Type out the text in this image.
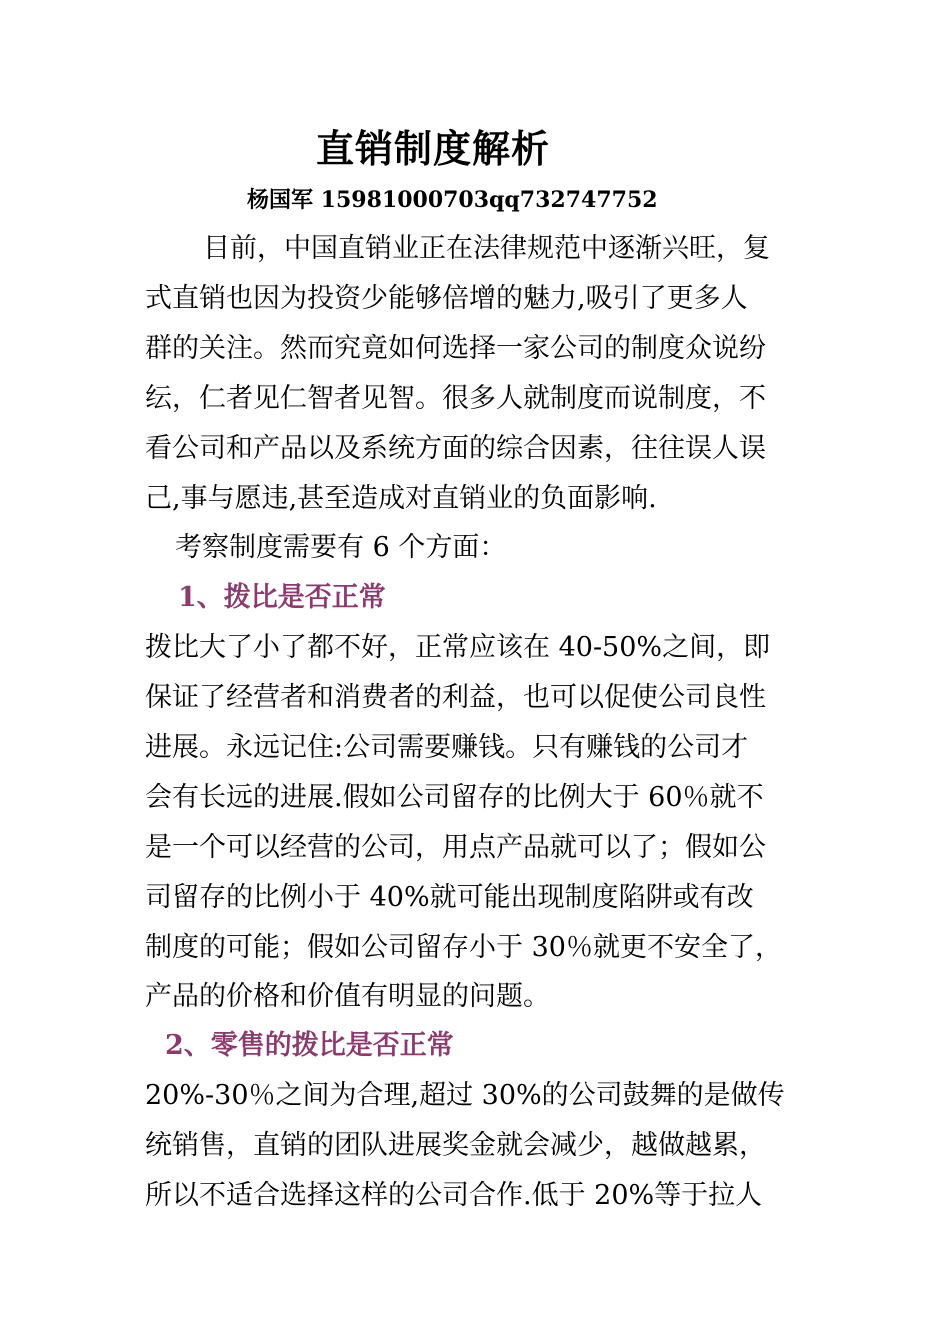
直销制度解析
杨国军 15981000703qq732747752
目前，中国直销业正在法律规范中逐渐兴旺，复
式直销也因为投资少能够倍增的魅力,吸引了更多人
群的关注。然而究竟如何选择一家公司的制度众说纷
纭，仁者见仁智者见智。很多人就制度而说制度，不
看公司和产品以及系统方面的综合因素，往往误人误
己,事与愿违,甚至造成对直销业的负面影响.
考察制度需要有 6 个方面：
1、拨比是否正常
拨比大了小了都不好，正常应该在 40-50%之间，即
保证了经营者和消费者的利益，也可以促使公司良性
进展。永远记住:公司需要赚钱。只有赚钱的公司才
会有长远的进展.假如公司留存的比例大于 60％就不
是一个可以经营的公司，用点产品就可以了；假如公
司留存的比例小于 40%就可能出现制度陷阱或有改
制度的可能；假如公司留存小于 30％就更不安全了，
产品的价格和价值有明显的问题。
2、零售的拨比是否正常
20%-30％之间为合理,超过 30%的公司鼓舞的是做传
统销售，直销的团队进展奖金就会减少，越做越累，
所以不适合选择这样的公司合作.低于 20%等于拉人
